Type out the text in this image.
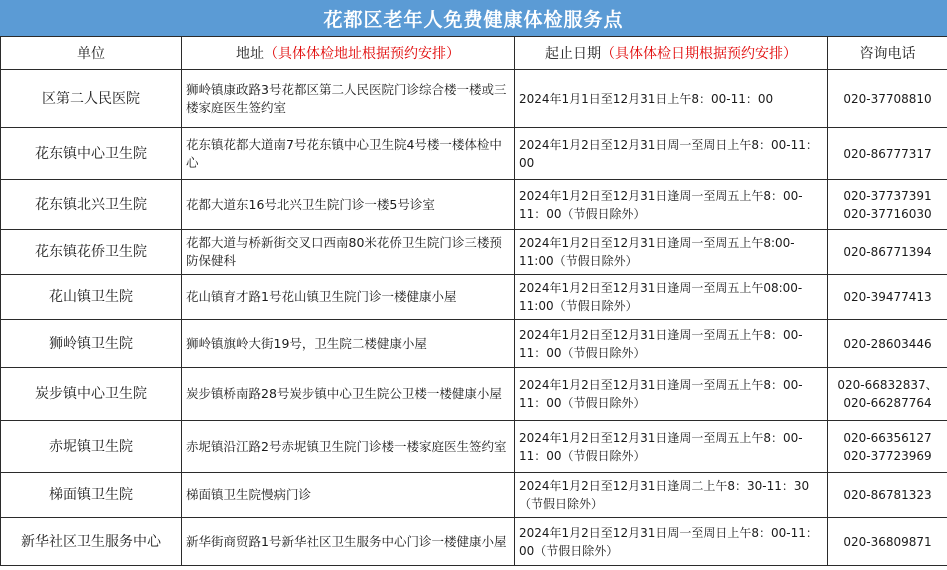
花都区老年人免费健康体检服务点
单位	地址（具体体检地址根据预约安排）	起止日期（具体体检日期根据预约安排）	咨询电话
区第二人民医院	狮岭镇康政路3号花都区第二人民医院门诊综合楼一楼或三楼家庭医生签约室	2024年1月1日至12月31日上午8：00-11：00	020-37708810

花东镇中心卫生院	花东镇花都大道南7号花东镇中心卫生院4号楼一楼体检中心	2024年1月2日至12月31日周一至周日上午8：00-11：00	020-86777317

花东镇北兴卫生院	花都大道东16号北兴卫生院门诊一楼5号诊室	2024年1月2日至12月31日逢周一至周五上午8：00-11：00（节假日除外）	020-37737391
020-37716030

花东镇花侨卫生院	花都大道与桥新街交叉口西南80米花侨卫生院门诊三楼预防保健科	2024年1月2日至12月31日逢周一至周五上午8:00-11:00（节假日除外）	020-86771394

花山镇卫生院	花山镇育才路1号花山镇卫生院门诊一楼健康小屋	2024年1月2日至12月31日逢周一至周五上午08:00-11:00（节假日除外）	020-39477413

狮岭镇卫生院	狮岭镇旗岭大街19号，卫生院二楼健康小屋	2024年1月2日至12月31日逢周一至周五上午8：00-11：00（节假日除外）	020-28603446

炭步镇中心卫生院	炭步镇桥南路28号炭步镇中心卫生院公卫楼一楼健康小屋	2024年1月2日至12月31日逢周一至周五上午8：00-11：00（节假日除外）	020-66832837、
020-66287764

赤坭镇卫生院	赤坭镇沿江路2号赤坭镇卫生院门诊楼一楼家庭医生签约室	2024年1月2日至12月31日逢周一至周五上午8：00-11：00（节假日除外）	020-66356127
020-37723969

梯面镇卫生院	梯面镇卫生院慢病门诊	2024年1月2日至12月31日逢周二上午8：30-11：30（节假日除外）	020-86781323

新华社区卫生服务中心	新华街商贸路1号新华社区卫生服务中心门诊一楼健康小屋	2024年1月2日至12月31日周一至周日上午8：00-11：00（节假日除外）	020-36809871
